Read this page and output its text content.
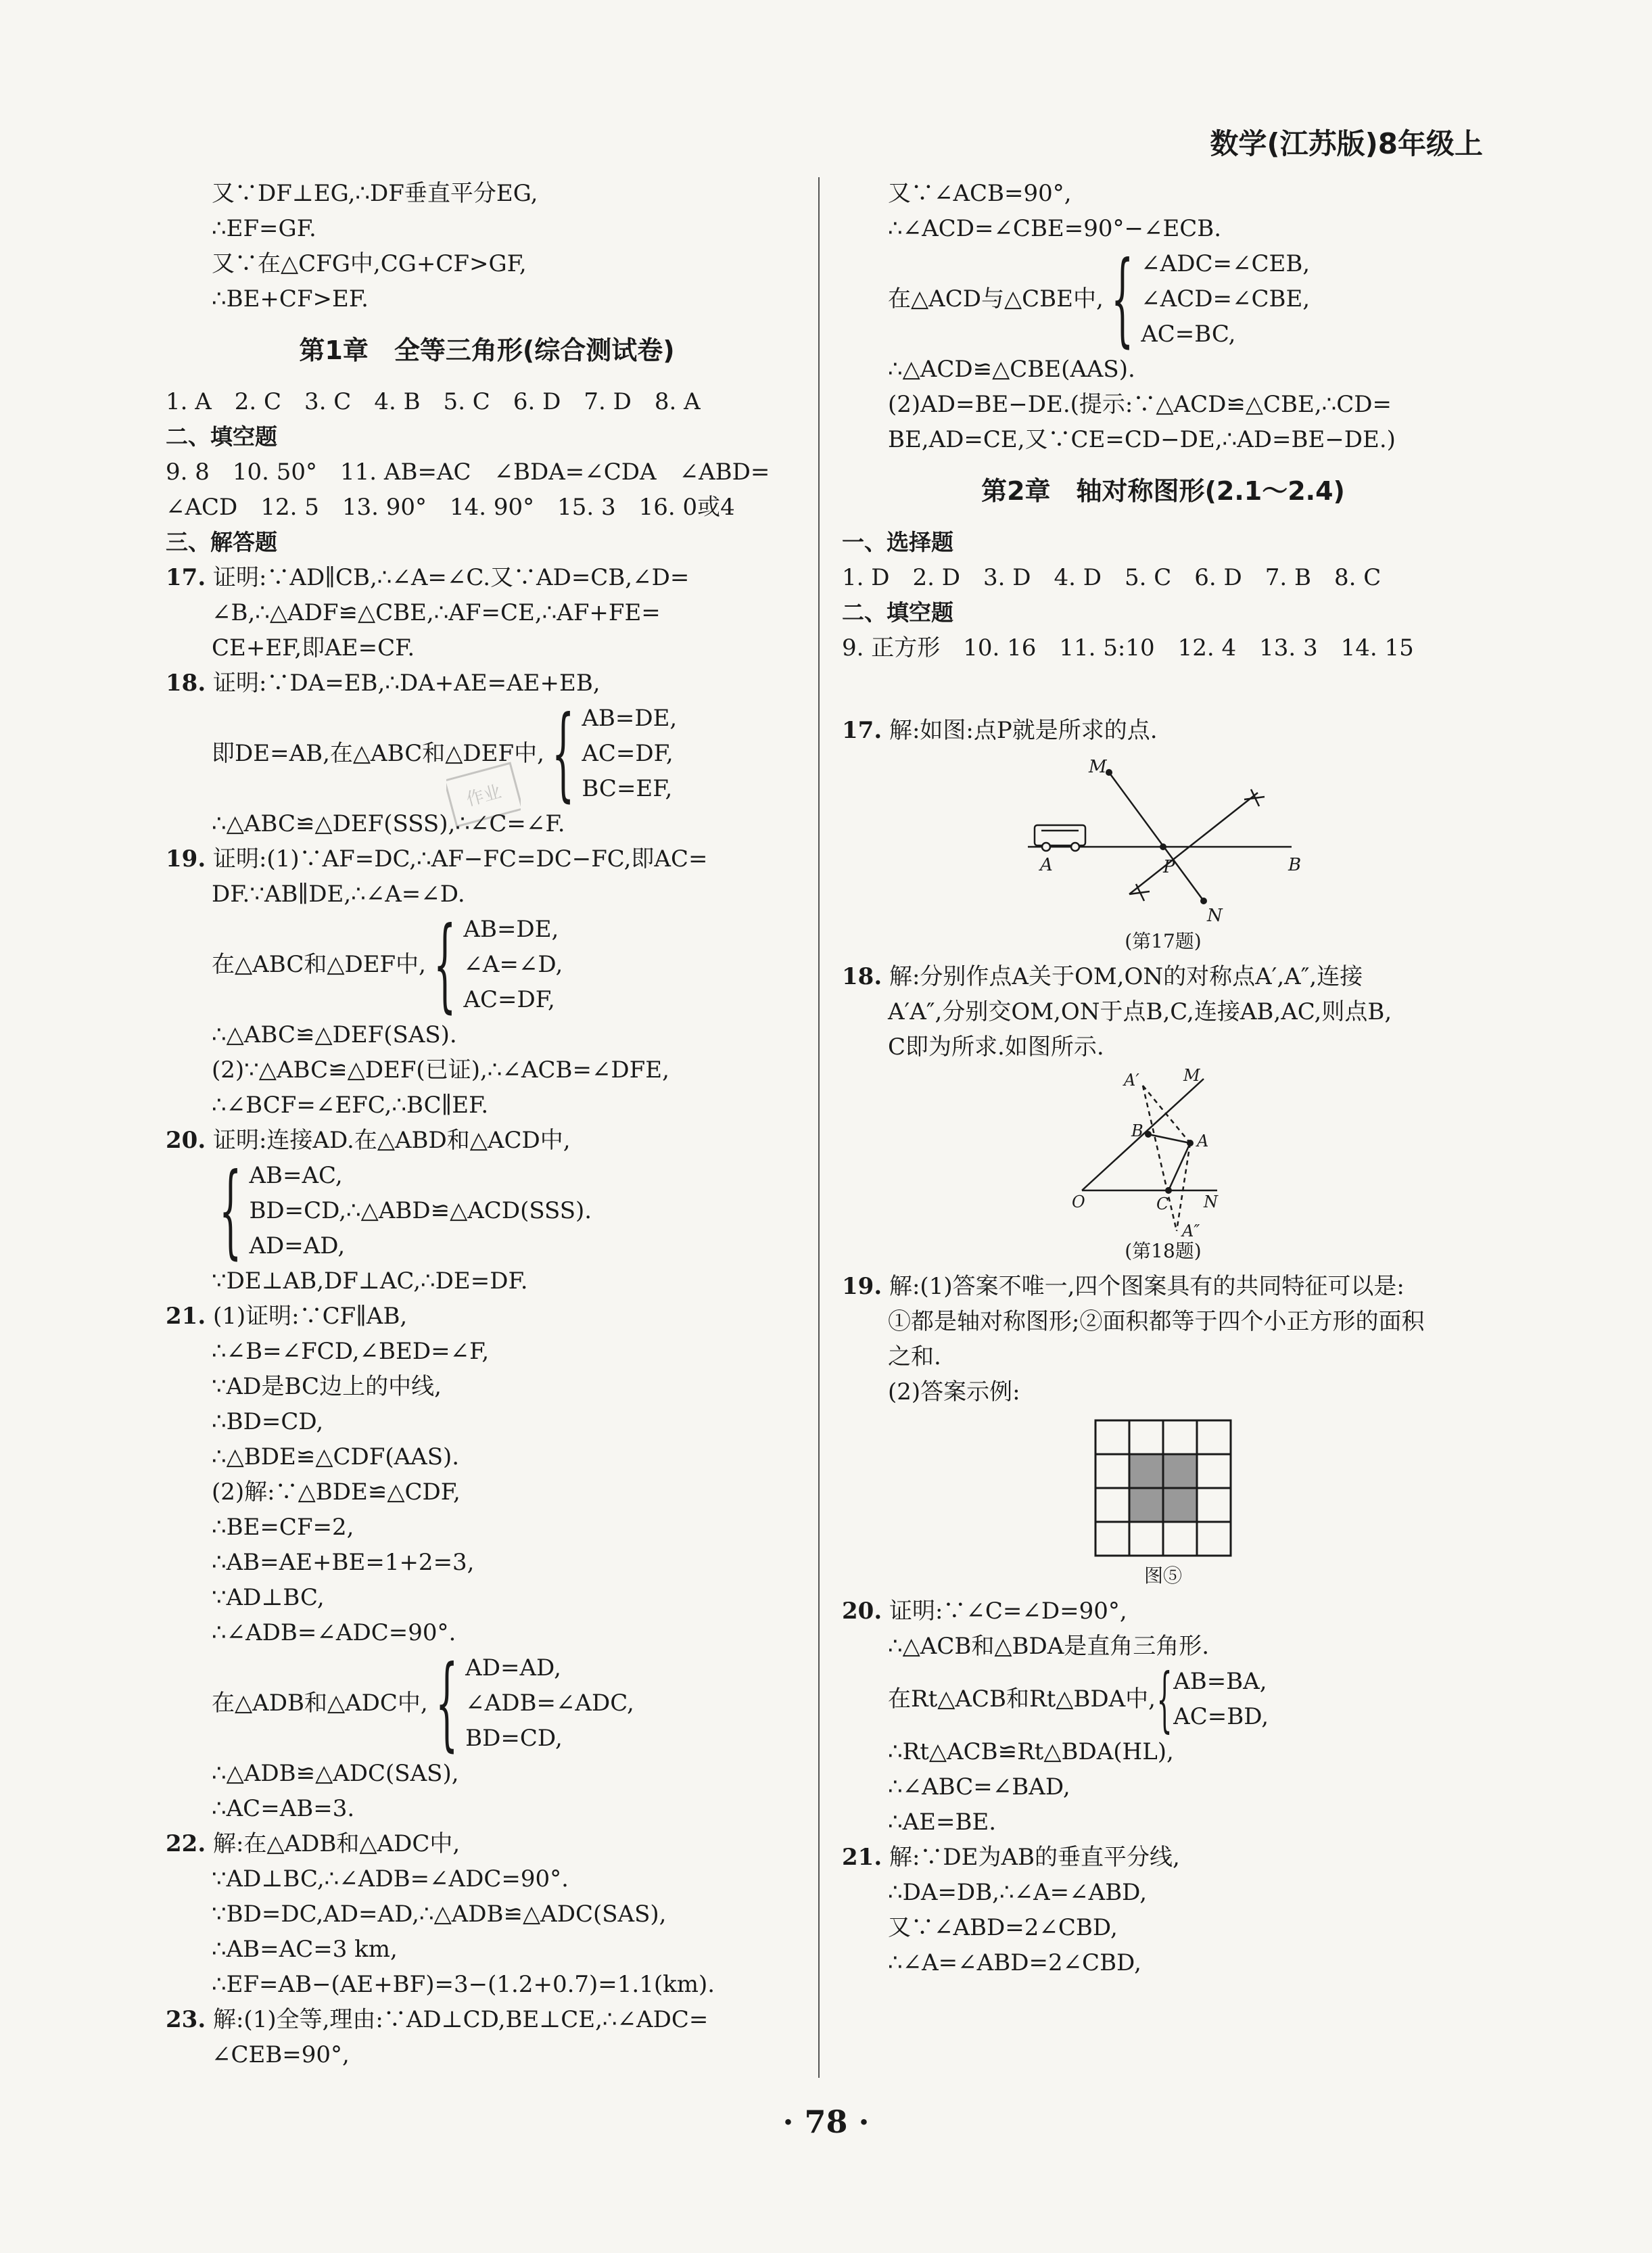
数学(江苏版)8年级上
作业
又∵DF⊥EG,∴DF垂直平分EG,
∴EF=GF.
又∵在△CFG中,CG+CF>GF,
∴BE+CF>EF.
第1章　全等三角形(综合测试卷)
1. A　2. C　3. C　4. B　5. C　6. D　7. D　8. A
二、填空题
9. 8　10. 50°　11. AB=AC　∠BDA=∠CDA　∠ABD=
∠ACD　12. 5　13. 90°　14. 90°　15. 3　16. 0或4
三、解答题
17. 证明:∵AD∥CB,∴∠A=∠C.又∵AD=CB,∠D=
∠B,∴△ADF≌△CBE,∴AF=CE,∴AF+FE=
CE+EF,即AE=CF.
18. 证明:∵DA=EB,∴DA+AE=AE+EB,
即DE=AB,在△ABC和△DEF中, { AB=DE,
AC=DF,
BC=EF,
∴△ABC≌△DEF(SSS),∴∠C=∠F.
19. 证明:(1)∵AF=DC,∴AF−FC=DC−FC,即AC=
DF.∵AB∥DE,∴∠A=∠D.
在△ABC和△DEF中, { AB=DE,
∠A=∠D,
AC=DF,
∴△ABC≌△DEF(SAS).
(2)∵△ABC≌△DEF(已证),∴∠ACB=∠DFE,
∴∠BCF=∠EFC,∴BC∥EF.
20. 证明:连接AD.在△ABD和△ACD中,
{ AB=AC,
BD=CD,∴△ABD≌△ACD(SSS).
AD=AD,
∵DE⊥AB,DF⊥AC,∴DE=DF.
21. (1)证明:∵CF∥AB,
∴∠B=∠FCD,∠BED=∠F,
∵AD是BC边上的中线,
∴BD=CD,
∴△BDE≌△CDF(AAS).
(2)解:∵△BDE≌△CDF,
∴BE=CF=2,
∴AB=AE+BE=1+2=3,
∵AD⊥BC,
∴∠ADB=∠ADC=90°.
在△ADB和△ADC中, { AD=AD,
∠ADB=∠ADC,
BD=CD,
∴△ADB≌△ADC(SAS),
∴AC=AB=3.
22. 解:在△ADB和△ADC中,
∵AD⊥BC,∴∠ADB=∠ADC=90°.
∵BD=DC,AD=AD,∴△ADB≌△ADC(SAS),
∴AB=AC=3 km,
∴EF=AB−(AE+BF)=3−(1.2+0.7)=1.1(km).
23. 解:(1)全等,理由:∵AD⊥CD,BE⊥CE,∴∠ADC=
∠CEB=90°,
又∵∠ACB=90°,
∴∠ACD=∠CBE=90°−∠ECB.
在△ACD与△CBE中, { ∠ADC=∠CEB,
∠ACD=∠CBE,
AC=BC,
∴△ACD≌△CBE(AAS).
(2)AD=BE−DE.(提示:∵△ACD≌△CBE,∴CD=
BE,AD=CE,又∵CE=CD−DE,∴AD=BE−DE.)
第2章　轴对称图形(2.1～2.4)
一、选择题
1. D　2. D　3. D　4. D　5. C　6. D　7. B　8. C
二、填空题
9. 正方形　10. 16　11. 5:10　12. 4　13. 3　14. 15

17. 解:如图:点P就是所求的点.
M
N
A	B
P
(第17题)
18. 解:分别作点A关于OM,ON的对称点A′,A″,连接
A′A″,分别交OM,ON于点B,C,连接AB,AC,则点B,
C即为所求.如图所示.
A′	M
B
A
O	C N
A″
(第18题)
19. 解:(1)答案不唯一,四个图案具有的共同特征可以是:
①都是轴对称图形;②面积都等于四个小正方形的面积
之和.
(2)答案示例:
图⑤
20. 证明:∵∠C=∠D=90°,
∴△ACB和△BDA是直角三角形.
在Rt△ACB和Rt△BDA中, { AB=BA,
AC=BD,
∴Rt△ACB≌Rt△BDA(HL),
∴∠ABC=∠BAD,
∴AE=BE.
21. 解:∵DE为AB的垂直平分线,
∴DA=DB,∴∠A=∠ABD,
又∵∠ABD=2∠CBD,
∴∠A=∠ABD=2∠CBD,
· 78 ·
